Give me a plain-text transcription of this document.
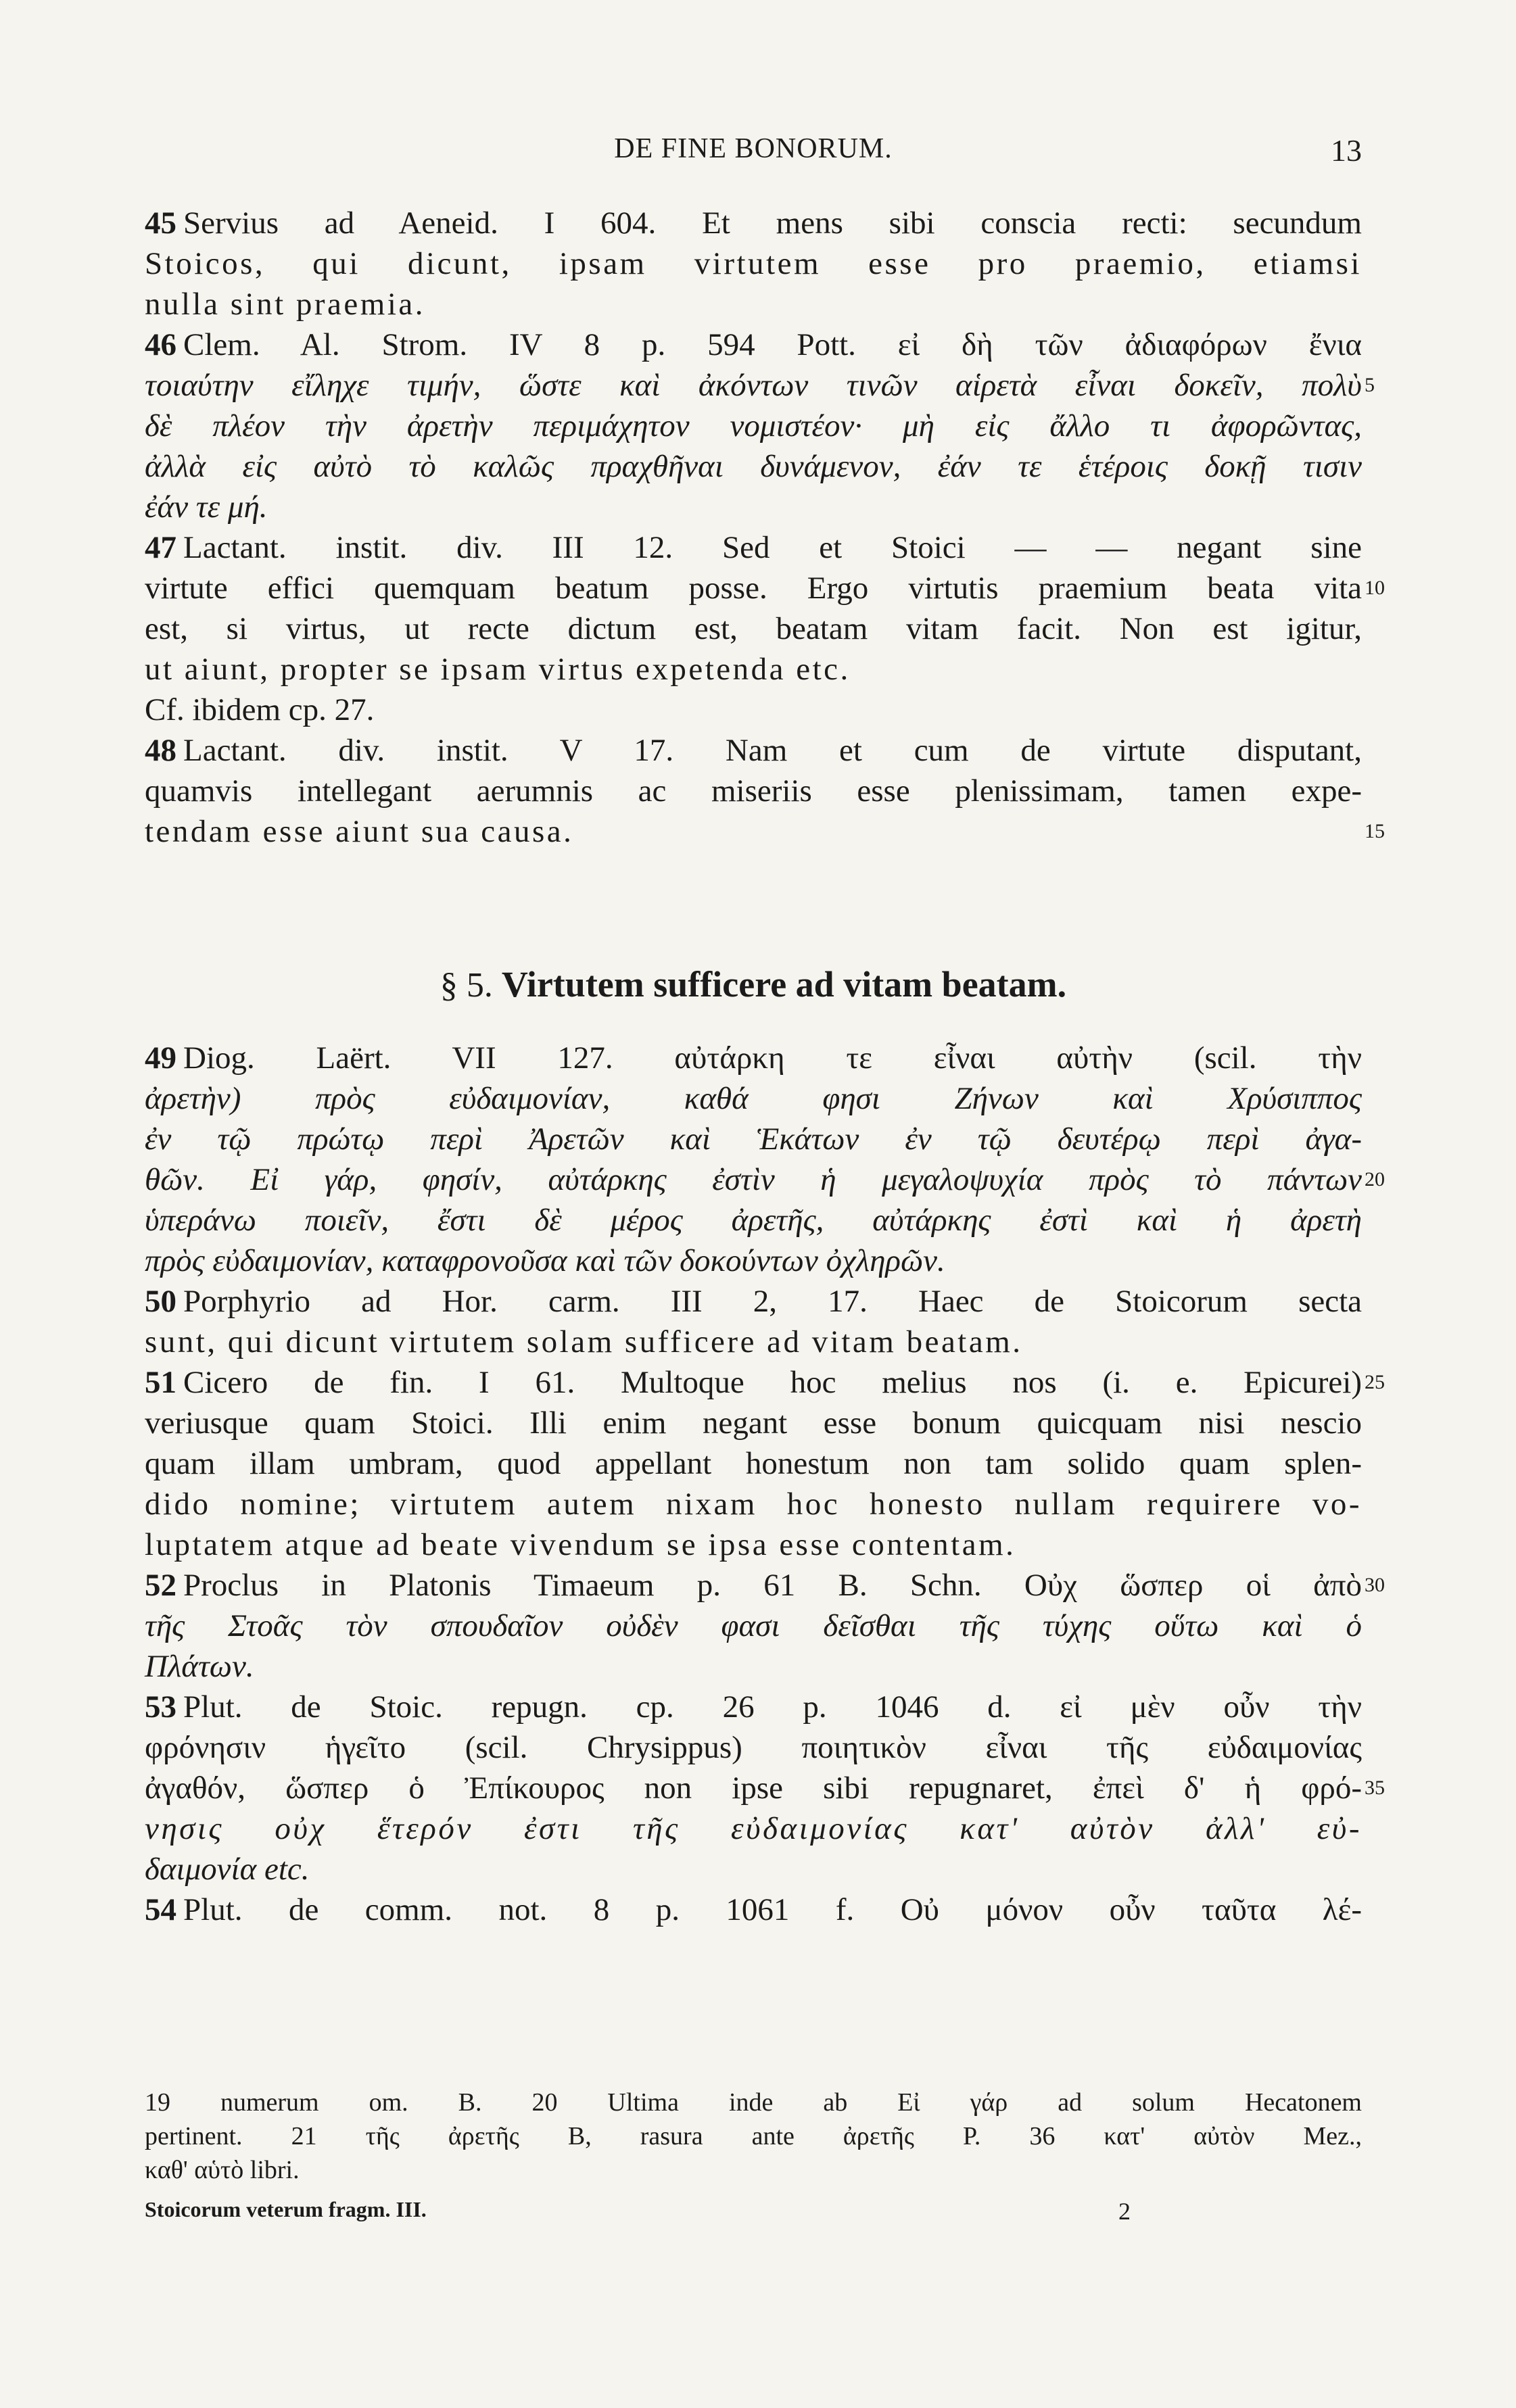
DE FINE BONORUM.	13
45 Servius ad Aeneid. I 604. Et mens sibi conscia recti: secundum
Stoicos, qui dicunt, ipsam virtutem esse pro praemio, etiamsi
nulla sint praemia.
46 Clem. Al. Strom. IV 8 p. 594 Pott. εἰ δὴ τῶν ἀδιαφόρων ἔνια
τοιαύτην εἴληχε τιμήν, ὥστε καὶ ἀκόντων τινῶν αἱρετὰ εἶναι δοκεῖν, πολὺ
δὲ πλέον τὴν ἀρετὴν περιμάχητον νομιστέον· μὴ εἰς ἄλλο τι ἀφορῶντας,
ἀλλὰ εἰς αὐτὸ τὸ καλῶς πραχθῆναι δυνάμενον, ἐάν τε ἑτέροις δοκῇ τισιν
ἐάν τε μή.
47 Lactant. instit. div. III 12. Sed et Stoici — — negant sine
virtute effici quemquam beatum posse. Ergo virtutis praemium beata vita
est, si virtus, ut recte dictum est, beatam vitam facit. Non est igitur,
ut aiunt, propter se ipsam virtus expetenda etc.
Cf. ibidem cp. 27.
48 Lactant. div. instit. V 17. Nam et cum de virtute disputant,
quamvis intellegant aerumnis ac miseriis esse plenissimam, tamen expe-
tendam esse aiunt sua causa.
5
10
15
§ 5. Virtutem sufficere ad vitam beatam.
49 Diog. Laërt. VII 127. αὐτάρκη τε εἶναι αὐτὴν (scil. τὴν
ἀρετὴν) πρὸς εὐδαιμονίαν, καθά φησι Ζήνων καὶ Χρύσιππος
ἐν τῷ πρώτῳ περὶ Ἀρετῶν καὶ Ἑκάτων ἐν τῷ δευτέρῳ περὶ ἀγα-
θῶν. Εἰ γάρ, φησίν, αὐτάρκης ἐστὶν ἡ μεγαλοψυχία πρὸς τὸ πάντων
ὑπεράνω ποιεῖν, ἔστι δὲ μέρος ἀρετῆς, αὐτάρκης ἐστὶ καὶ ἡ ἀρετὴ
πρὸς εὐδαιμονίαν, καταφρονοῦσα καὶ τῶν δοκούντων ὀχληρῶν.
50 Porphyrio ad Hor. carm. III 2, 17. Haec de Stoicorum secta
sunt, qui dicunt virtutem solam sufficere ad vitam beatam.
51 Cicero de fin. I 61. Multoque hoc melius nos (i. e. Epicurei)
veriusque quam Stoici. Illi enim negant esse bonum quicquam nisi nescio
quam illam umbram, quod appellant honestum non tam solido quam splen-
dido nomine; virtutem autem nixam hoc honesto nullam requirere vo-
luptatem atque ad beate vivendum se ipsa esse contentam.
52 Proclus in Platonis Timaeum p. 61 B. Schn. Οὐχ ὥσπερ οἱ ἀπὸ
τῆς Στοᾶς τὸν σπουδαῖον οὐδὲν φασι δεῖσθαι τῆς τύχης οὕτω καὶ ὁ
Πλάτων.
53 Plut. de Stoic. repugn. cp. 26 p. 1046 d. εἰ μὲν οὖν τὴν
φρόνησιν ἡγεῖτο (scil. Chrysippus) ποιητικὸν εἶναι τῆς εὐδαιμονίας
ἀγαθόν, ὥσπερ ὁ Ἐπίκουρος non ipse sibi repugnaret, ἐπεὶ δ' ἡ φρό-
νησις οὐχ ἕτερόν ἐστι τῆς εὐδαιμονίας κατ' αὐτὸν ἀλλ' εὐ-
δαιμονία etc.
54 Plut. de comm. not. 8 p. 1061 f. Οὐ μόνον οὖν ταῦτα λέ-
20
25
30
35
19 numerum om. B. 20 Ultima inde ab Εἰ γάρ ad solum Hecatonem
pertinent. 21 τῆς ἀρετῆς B, rasura ante ἀρετῆς P. 36 κατ' αὐτὸν Mez.,
καθ' αὑτὸ libri.
Stoicorum veterum fragm. III.	2
